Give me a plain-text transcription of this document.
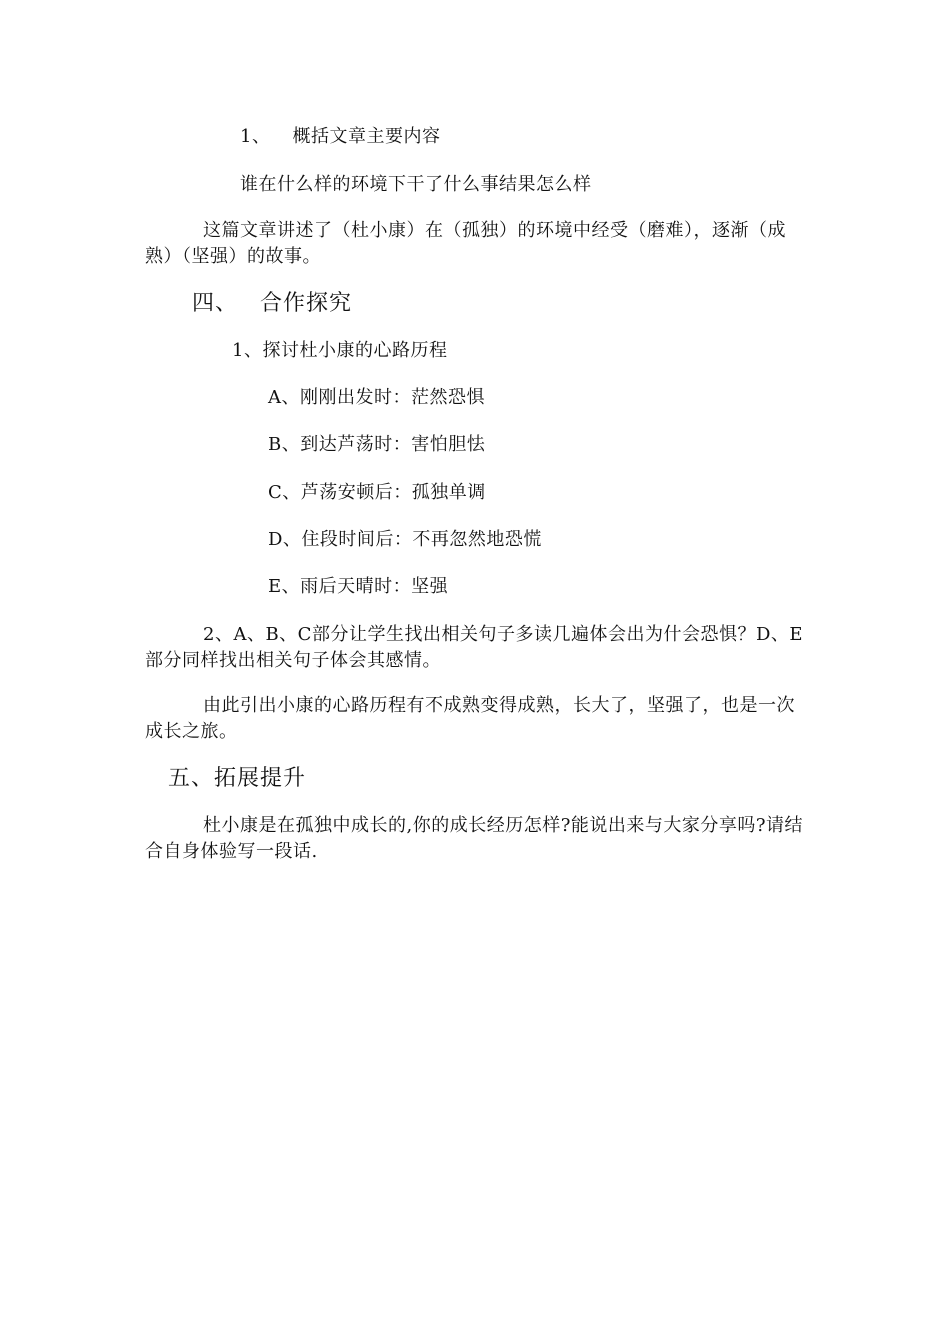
1、 概括文章主要内容
谁在什么样的环境下干了什么事结果怎么样
这篇文章讲述了（杜小康）在（孤独）的环境中经受（磨难），逐渐（成熟）（坚强）的故事。
四、 合作探究
1、探讨杜小康的心路历程
A、刚刚出发时：茫然恐惧
B、到达芦荡时：害怕胆怯
C、芦荡安顿后：孤独单调
D、住段时间后：不再忽然地恐慌
E、雨后天晴时：坚强
2、A、B、C部分让学生找出相关句子多读几遍体会出为什会恐惧？D、E部分同样找出相关句子体会其感情。
由此引出小康的心路历程有不成熟变得成熟，长大了，坚强了，也是一次成长之旅。
五、拓展提升
杜小康是在孤独中成长的,你的成长经历怎样?能说出来与大家分享吗?请结合自身体验写一段话.
